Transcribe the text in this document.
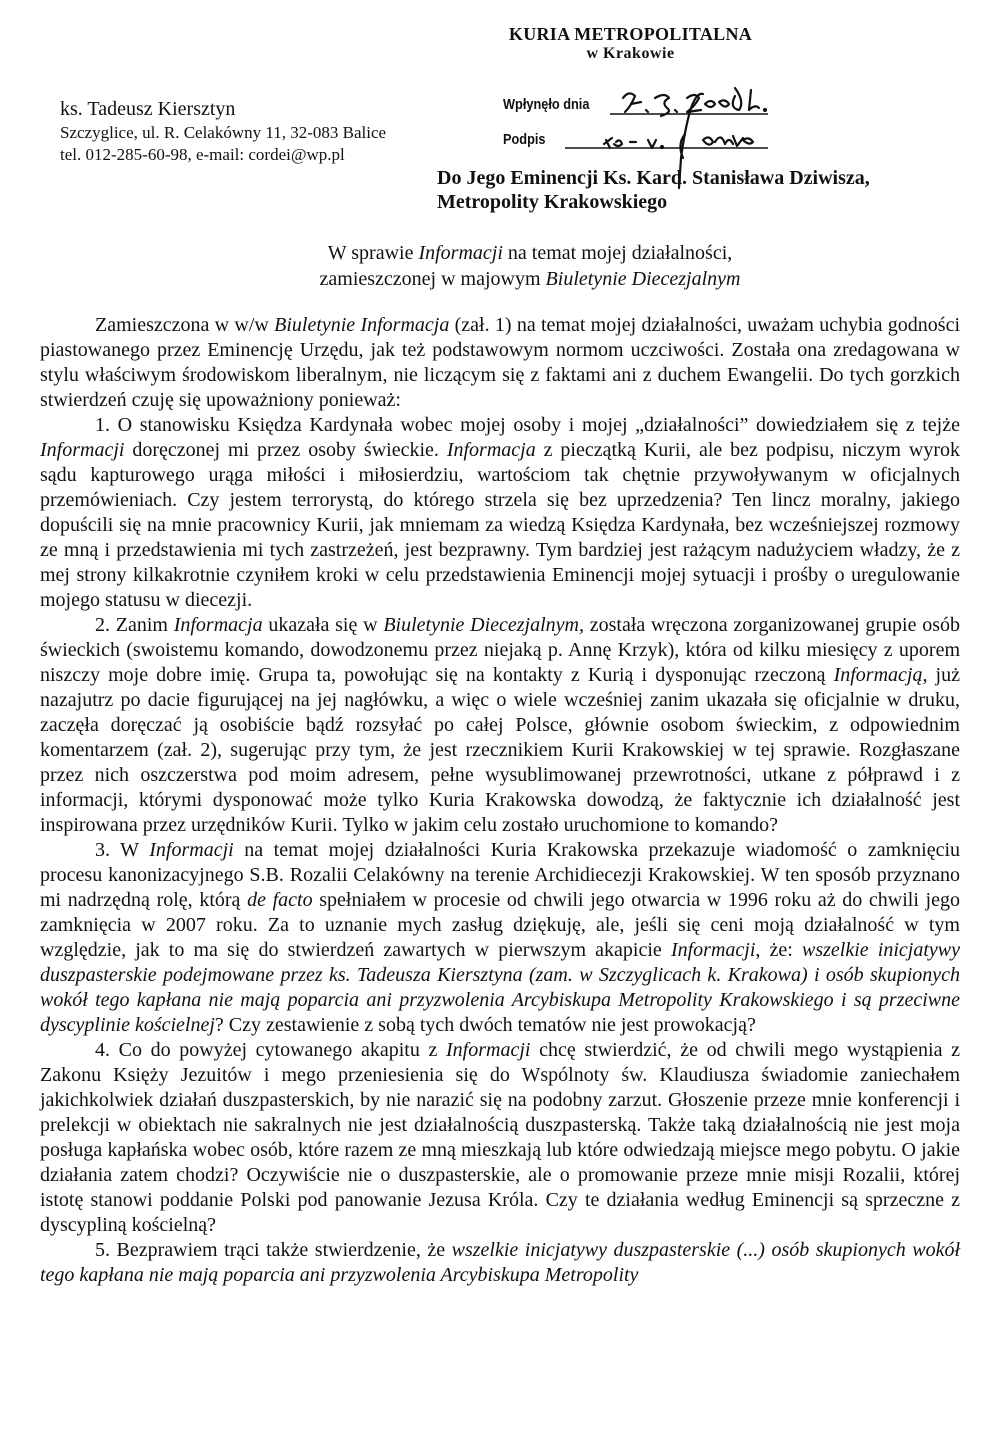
ks. Tadeusz Kiersztyn
Szczyglice, ul. R. Celakówny 11, 32-083 Balice
tel. 012-285-60-98, e-mail: cordei@wp.pl
KURIA METROPOLITALNA
w Krakowie
Wpłynęło dnia
Podpis
Do Jego Eminencji Ks. Kard. Stanisława Dziwisza,
Metropolity Krakowskiego
W sprawie Informacji na temat mojej działalności,
zamieszczonej w majowym Biuletynie Diecezjalnym

Zamieszczona w w/w Biuletynie Informacja (zał. 1) na temat mojej działalności, uważam uchybia godności piastowanego przez Eminencję Urzędu, jak też podstawowym normom uczciwości. Została ona zredagowana w stylu właściwym środowiskom liberalnym, nie liczącym się z faktami ani z duchem Ewangelii. Do tych gorzkich stwierdzeń czuję się upoważniony ponieważ:

1. O stanowisku Księdza Kardynała wobec mojej osoby i mojej „działalności” dowiedziałem się z tejże Informacji doręczonej mi przez osoby świeckie. Informacja z pieczątką Kurii, ale bez podpisu, niczym wyrok sądu kapturowego urąga miłości i miłosierdziu, wartościom tak chętnie przywoływanym w oficjalnych przemówieniach. Czy jestem terrorystą, do którego strzela się bez uprzedzenia? Ten lincz moralny, jakiego dopuścili się na mnie pracownicy Kurii, jak mniemam za wiedzą Księdza Kardynała, bez wcześniejszej rozmowy ze mną i przedstawienia mi tych zastrzeżeń, jest bezprawny. Tym bardziej jest rażącym nadużyciem władzy, że z mej strony kilkakrotnie czyniłem kroki w celu przedstawienia Eminencji mojej sytuacji i prośby o uregulowanie mojego statusu w diecezji.

2. Zanim Informacja ukazała się w Biuletynie Diecezjalnym, została wręczona zorganizowanej grupie osób świeckich (swoistemu komando, dowodzonemu przez niejaką p. Annę Krzyk), która od kilku miesięcy z uporem niszczy moje dobre imię. Grupa ta, powołując się na kontakty z Kurią i dysponując rzeczoną Informacją, już nazajutrz po dacie figurującej na jej nagłówku, a więc o wiele wcześniej zanim ukazała się oficjalnie w druku, zaczęła doręczać ją osobiście bądź rozsyłać po całej Polsce, głównie osobom świeckim, z odpowiednim komentarzem (zał. 2), sugerując przy tym, że jest rzecznikiem Kurii Krakowskiej w tej sprawie. Rozgłaszane przez nich oszczerstwa pod moim adresem, pełne wysublimowanej przewrotności, utkane z półprawd i z informacji, którymi dysponować może tylko Kuria Krakowska dowodzą, że faktycznie ich działalność jest inspirowana przez urzędników Kurii. Tylko w jakim celu zostało uruchomione to komando?

3. W Informacji na temat mojej działalności Kuria Krakowska przekazuje wiadomość o zamknięciu procesu kanonizacyjnego S.B. Rozalii Celakówny na terenie Archidiecezji Krakowskiej. W ten sposób przyznano mi nadrzędną rolę, którą de facto spełniałem w procesie od chwili jego otwarcia w 1996 roku aż do chwili jego zamknięcia w 2007 roku. Za to uznanie mych zasług dziękuję, ale, jeśli się ceni moją działalność w tym względzie, jak to ma się do stwierdzeń zawartych w pierwszym akapicie Informacji, że: wszelkie inicjatywy duszpasterskie podejmowane przez ks. Tadeusza Kiersztyna (zam. w Szczyglicach k. Krakowa) i osób skupionych wokół tego kapłana nie mają poparcia ani przyzwolenia Arcybiskupa Metropolity Krakowskiego i są przeciwne dyscyplinie kościelnej? Czy zestawienie z sobą tych dwóch tematów nie jest prowokacją?

4. Co do powyżej cytowanego akapitu z Informacji chcę stwierdzić, że od chwili mego wystąpienia z Zakonu Księży Jezuitów i mego przeniesienia się do Wspólnoty św. Klaudiusza świadomie zaniechałem jakichkolwiek działań duszpasterskich, by nie narazić się na podobny zarzut. Głoszenie przeze mnie konferencji i prelekcji w obiektach nie sakralnych nie jest działalnością duszpasterską. Także taką działalnością nie jest moja posługa kapłańska wobec osób, które razem ze mną mieszkają lub które odwiedzają miejsce mego pobytu. O jakie działania zatem chodzi? Oczywiście nie o duszpasterskie, ale o promowanie przeze mnie misji Rozalii, której istotę stanowi poddanie Polski pod panowanie Jezusa Króla. Czy te działania według Eminencji są sprzeczne z dyscypliną kościelną?

5. Bezprawiem trąci także stwierdzenie, że wszelkie inicjatywy duszpasterskie (...) osób skupionych wokół tego kapłana nie mają poparcia ani przyzwolenia Arcybiskupa Metropolity
